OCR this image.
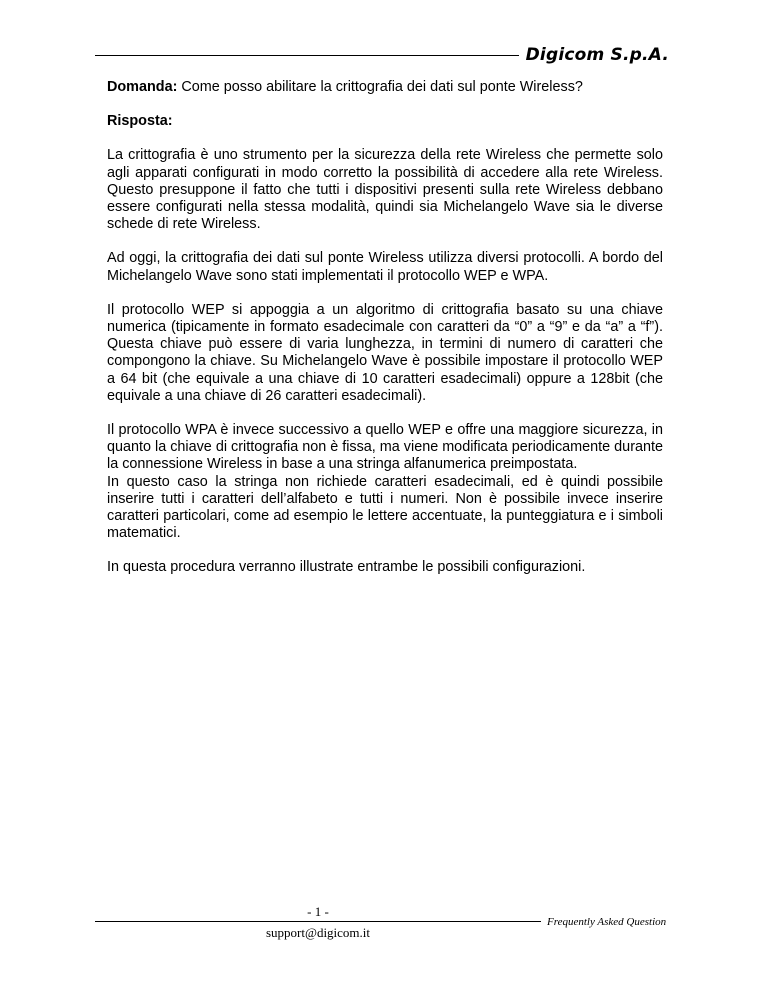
Digicom S.p.A.

Domanda: Come posso abilitare la crittografia dei dati sul ponte Wireless?

Risposta:

La crittografia è uno strumento per la sicurezza della rete Wireless che permette solo agli apparati configurati in modo corretto la possibilità di accedere alla rete Wireless. Questo presuppone il fatto che tutti i dispositivi presenti sulla rete Wireless debbano essere configurati nella stessa modalità, quindi sia Michelangelo Wave sia le diverse schede di rete Wireless.

Ad oggi, la crittografia dei dati sul ponte Wireless utilizza diversi protocolli. A bordo del Michelangelo Wave sono stati implementati il protocollo WEP e WPA.

Il protocollo WEP si appoggia a un algoritmo di crittografia basato su una chiave numerica (tipicamente in formato esadecimale con caratteri da “0” a “9” e da “a” a “f”). Questa chiave può essere di varia lunghezza, in termini di numero di caratteri che compongono la chiave. Su Michelangelo Wave è possibile impostare il protocollo WEP a 64 bit (che equivale a una chiave di 10 caratteri esadecimali) oppure a 128bit (che equivale a una chiave di 26 caratteri esadecimali).

Il protocollo WPA è invece successivo a quello WEP e offre una maggiore sicurezza, in quanto la chiave di crittografia non è fissa, ma viene modificata periodicamente durante la connessione Wireless in base a una stringa alfanumerica preimpostata.

In questo caso la stringa non richiede caratteri esadecimali, ed è quindi possibile inserire tutti i caratteri dell’alfabeto e tutti i numeri. Non è possibile invece inserire caratteri particolari, come ad esempio le lettere accentuate, la punteggiatura e i simboli matematici.

In questa procedura verranno illustrate entrambe le possibili configurazioni.

- 1 -
support@digicom.it
Frequently Asked Question
